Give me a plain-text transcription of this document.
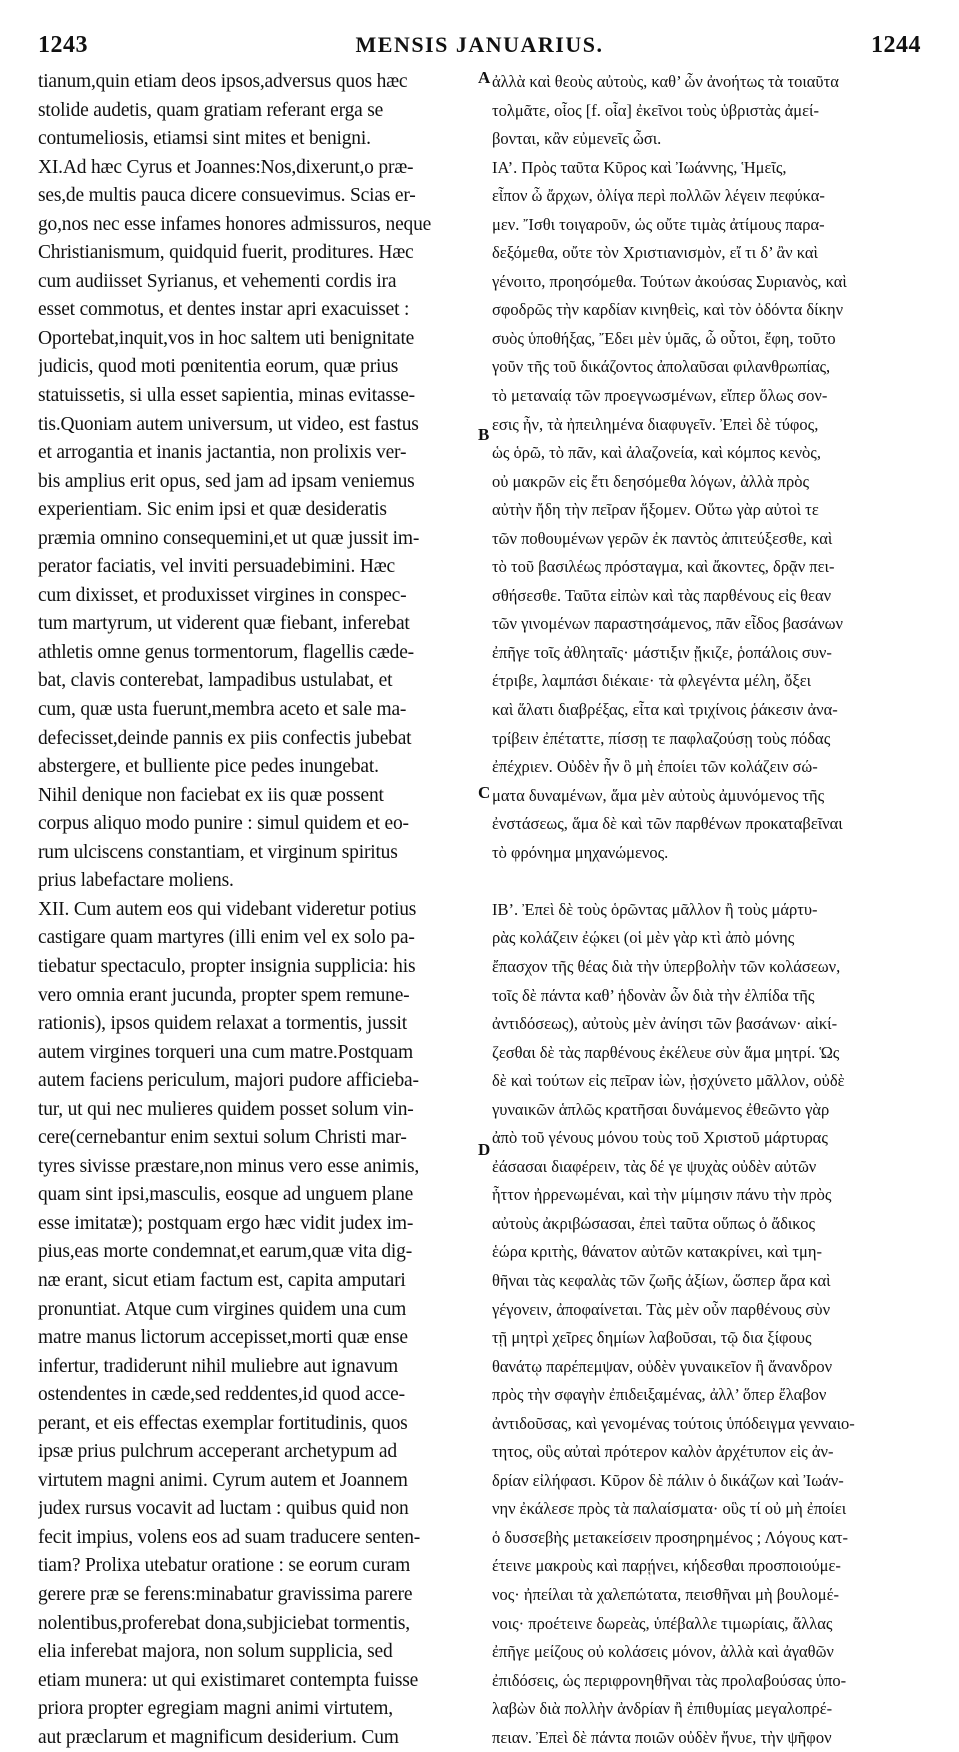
1243	MENSIS JANUARIUS.	1244
tianum,quin etiam deos ipsos,adversus quos hæc
stolide audetis, quam gratiam referant erga se
contumeliosis, etiamsi sint mites et benigni.
XI.Ad hæc Cyrus et Joannes:Nos,dixerunt,o præ-
ses,de multis pauca dicere consuevimus. Scias er-
go,nos nec esse infames honores admissuros, neque
Christianismum, quidquid fuerit, proditures. Hæc
cum audiisset Syrianus, et vehementi cordis ira
esset commotus, et dentes instar apri exacuisset :
Oportebat,inquit,vos in hoc saltem uti benignitate
judicis, quod moti pœnitentia eorum, quæ prius
statuissetis, si ulla esset sapientia, minas evitasse-
tis.Quoniam autem universum, ut video, est fastus
et arrogantia et inanis jactantia, non prolixis ver-
bis amplius erit opus, sed jam ad ipsam veniemus
experientiam. Sic enim ipsi et quæ desideratis
præmia omnino consequemini,et ut quæ jussit im-
perator faciatis, vel inviti persuadebimini. Hæc
cum dixisset, et produxisset virgines in conspec-
tum martyrum, ut viderent quæ fiebant, inferebat
athletis omne genus tormentorum, flagellis cæde-
bat, clavis conterebat, lampadibus ustulabat, et
cum, quæ usta fuerunt,membra aceto et sale ma-
defecisset,deinde pannis ex piis confectis jubebat
abstergere, et bulliente pice pedes inungebat.
Nihil denique non faciebat ex iis quæ possent
corpus aliquo modo punire : simul quidem et eo-
rum ulciscens constantiam, et virginum spiritus
prius labefactare moliens.
XII. Cum autem eos qui videbant videretur potius
castigare quam martyres (illi enim vel ex solo pa-
tiebatur spectaculo, propter insignia supplicia: his
vero omnia erant jucunda, propter spem remune-
rationis), ipsos quidem relaxat a tormentis, jussit
autem virgines torqueri una cum matre.Postquam
autem faciens periculum, majori pudore afficieba-
tur, ut qui nec mulieres quidem posset solum vin-
cere(cernebantur enim sextui solum Christi mar-
tyres sivisse præstare,non minus vero esse animis,
quam sint ipsi,masculis, eosque ad unguem plane
esse imitatæ); postquam ergo hæc vidit judex im-
pius,eas morte condemnat,et earum,quæ vita dig-
næ erant, sicut etiam factum est, capita amputari
pronuntiat. Atque cum virgines quidem una cum
matre manus lictorum accepisset,morti quæ ense
infertur, tradiderunt nihil muliebre aut ignavum
ostendentes in cæde,sed reddentes,id quod acce-
perant, et eis effectas exemplar fortitudinis, quos
ipsæ prius pulchrum acceperant archetypum ad
virtutem magni animi. Cyrum autem et Joannem
judex rursus vocavit ad luctam : quibus quid non
fecit impius, volens eos ad suam traducere senten-
tiam? Prolixa utebatur oratione : se eorum curam
gerere præ se ferens:minabatur gravissima parere
nolentibus,proferebat dona,subjiciebat tormentis,
elia inferebat majora, non solum supplicia, sed
etiam munera: ut qui existimaret contempta fuisse
priora propter egregiam magni animi virtutem,
aut præclarum et magnificum desiderium. Cum
ἀλλὰ καὶ θεοὺς αὐτοὺς, καθ’ ὧν ἀνοήτως τὰ τοιαῦτα
τολμᾶτε, οἷος [f. οἷα] ἐκεῖνοι τοὺς ὑβριστὰς ἀμεί-
βονται, κἂν εὐμενεῖς ὦσι.
ΙΑ’. Πρὸς ταῦτα Κῦρος καὶ Ἰωάννης, Ἡμεῖς,
εἶπον ὦ ἄρχων, ὀλίγα περὶ πολλῶν λέγειν πεφύκα-
μεν. Ἴσθι τοιγαροῦν, ὡς οὔτε τιμὰς ἀτίμους παρα-
δεξόμεθα, οὔτε τὸν Χριστιανισμὸν, εἴ τι δ’ ἂν καὶ
γένοιτο, προησόμεθα. Τούτων ἀκούσας Συριανὸς, καὶ
σφοδρῶς τὴν καρδίαν κινηθεὶς, καὶ τὸν ὀδόντα δίκην
συὸς ὑποθήξας, Ἔδει μὲν ὑμᾶς, ὦ οὗτοι, ἔφη, τοῦτο
γοῦν τῆς τοῦ δικάζοντος ἀπολαῦσαι φιλανθρωπίας,
τὸ μεταναίᾳ τῶν προεγνωσμένων, εἴπερ ὅλως σον-
εσις ἦν, τὰ ἠπειλημένα διαφυγεῖν. Ἐπεὶ δὲ τύφος,
ὡς ὁρῶ, τὸ πᾶν, καὶ ἀλαζονεία, καὶ κόμπος κενὸς,
οὐ μακρῶν εἰς ἔτι δεησόμεθα λόγων, ἀλλὰ πρὸς
αὐτὴν ἤδη τὴν πεῖραν ἥξομεν. Οὕτω γὰρ αὐτοὶ τε
τῶν ποθουμένων γερῶν ἐκ παντὸς ἀπιτεύξεσθε, καὶ
τὸ τοῦ βασιλέως πρόσταγμα, καὶ ἄκοντες, δρᾷν πει-
σθήσεσθε. Ταῦτα εἰπὼν καὶ τὰς παρθένους εἰς θεαν
τῶν γινομένων παραστησάμενος, πᾶν εἶδος βασάνων
ἐπῆγε τοῖς ἀθληταῖς· μάστιξιν ᾔκιζε, ῥοπάλοις συν-
έτριβε, λαμπάσι διέκαιε· τὰ φλεγέντα μέλη, ὄξει
καὶ ἅλατι διαβρέξας, εἶτα καὶ τριχίνοις ῥάκεσιν ἀνα-
τρίβειν ἐπέταττε, πίσσῃ τε παφλαζούσῃ τοὺς πόδας
ἐπέχριεν. Οὐδὲν ἦν ὃ μὴ ἐποίει τῶν κολάζειν σώ-
ματα δυναμένων, ἅμα μὲν αὐτοὺς ἀμυνόμενος τῆς
ἐνστάσεως, ἅμα δὲ καὶ τῶν παρθένων προκαταβεῖναι
τὸ φρόνημα μηχανώμενος.
ΙΒ’. Ἐπεὶ δὲ τοὺς ὁρῶντας μᾶλλον ἢ τοὺς μάρτυ-
ρὰς κολάζειν ἐῴκει (οἱ μὲν γὰρ κτὶ ἀπὸ μόνης
ἔπασχον τῆς θέας διὰ τὴν ὑπερβολὴν τῶν κολάσεων,
τοῖς δὲ πάντα καθ’ ἡδονὰν ὧν διὰ τὴν ἐλπίδα τῆς
ἀντιδόσεως), αὐτοὺς μὲν ἀνίησι τῶν βασάνων· αἰκί-
ζεσθαι δὲ τὰς παρθένους ἐκέλευε σὺν ἅμα μητρί. Ὡς
δὲ καὶ τούτων εἰς πεῖραν ἰὼν, ᾐσχύνετο μᾶλλον, οὐδὲ
γυναικῶν ἁπλῶς κρατῆσαι δυνάμενος ἐθεῶντο γὰρ
ἀπὸ τοῦ γένους μόνου τοὺς τοῦ Χριστοῦ μάρτυρας
ἐάσασαι διαφέρειν, τὰς δέ γε ψυχὰς οὐδὲν αὐτῶν
ἧττον ἠρρενωμέναι, καὶ τὴν μίμησιν πάνυ τὴν πρὸς
αὐτοὺς ἀκριβώσασαι, ἐπεὶ ταῦτα οὕπως ὁ ἄδικος
ἑώρα κριτὴς, θάνατον αὐτῶν κατακρίνει, καὶ τμη-
θῆναι τὰς κεφαλὰς τῶν ζωῆς ἀξίων, ὥσπερ ἄρα καὶ
γέγονειν, ἀποφαίνεται. Τὰς μὲν οὖν παρθένους σὺν
τῇ μητρὶ χεῖρες δημίων λαβοῦσαι, τῷ δια ξίφους
θανάτῳ παρέπεμψαν, οὐδὲν γυναικεῖον ἢ ἄνανδρον
πρὸς τὴν σφαγὴν ἐπιδειξαμένας, ἀλλ’ ὅπερ ἔλαβον
ἀντιδοῦσας, καὶ γενομένας τούτοις ὑπόδειγμα γενναιο-
τητος, οὓς αὐταὶ πρότερον καλὸν ἀρχέτυπον εἰς ἀν-
δρίαν εἰλήφασι. Κῦρον δὲ πάλιν ὁ δικάζων καὶ Ἰωάν-
νην ἐκάλεσε πρὸς τὰ παλαίσματα· οὓς τί οὐ μὴ ἐποίει
ὁ δυσσεβὴς μετακείσειν προσηρημένος ; Λόγους κατ-
έτεινε μακροὺς καὶ παρῄνει, κήδεσθαι προσποιούμε-
νος· ἠπείλαι τὰ χαλεπώτατα, πεισθῆναι μὴ βουλομέ-
νοις· προέτεινε δωρεὰς, ὑπέβαλλε τιμωρίαις, ἄλλας
ἐπῆγε μείζους οὐ κολάσεις μόνον, ἀλλὰ καὶ ἀγαθῶν
ἐπιδόσεις, ὡς περιφρονηθῆναι τὰς προλαβούσας ὑπο-
λαβὼν διὰ πολλὴν ἀνδρίαν ἢ ἐπιθυμίας μεγαλοπρέ-
πειαν. Ἐπεὶ δὲ πάντα ποιῶν οὐδὲν ἤνυε, τὴν ψῆφον
A
B
C
D
